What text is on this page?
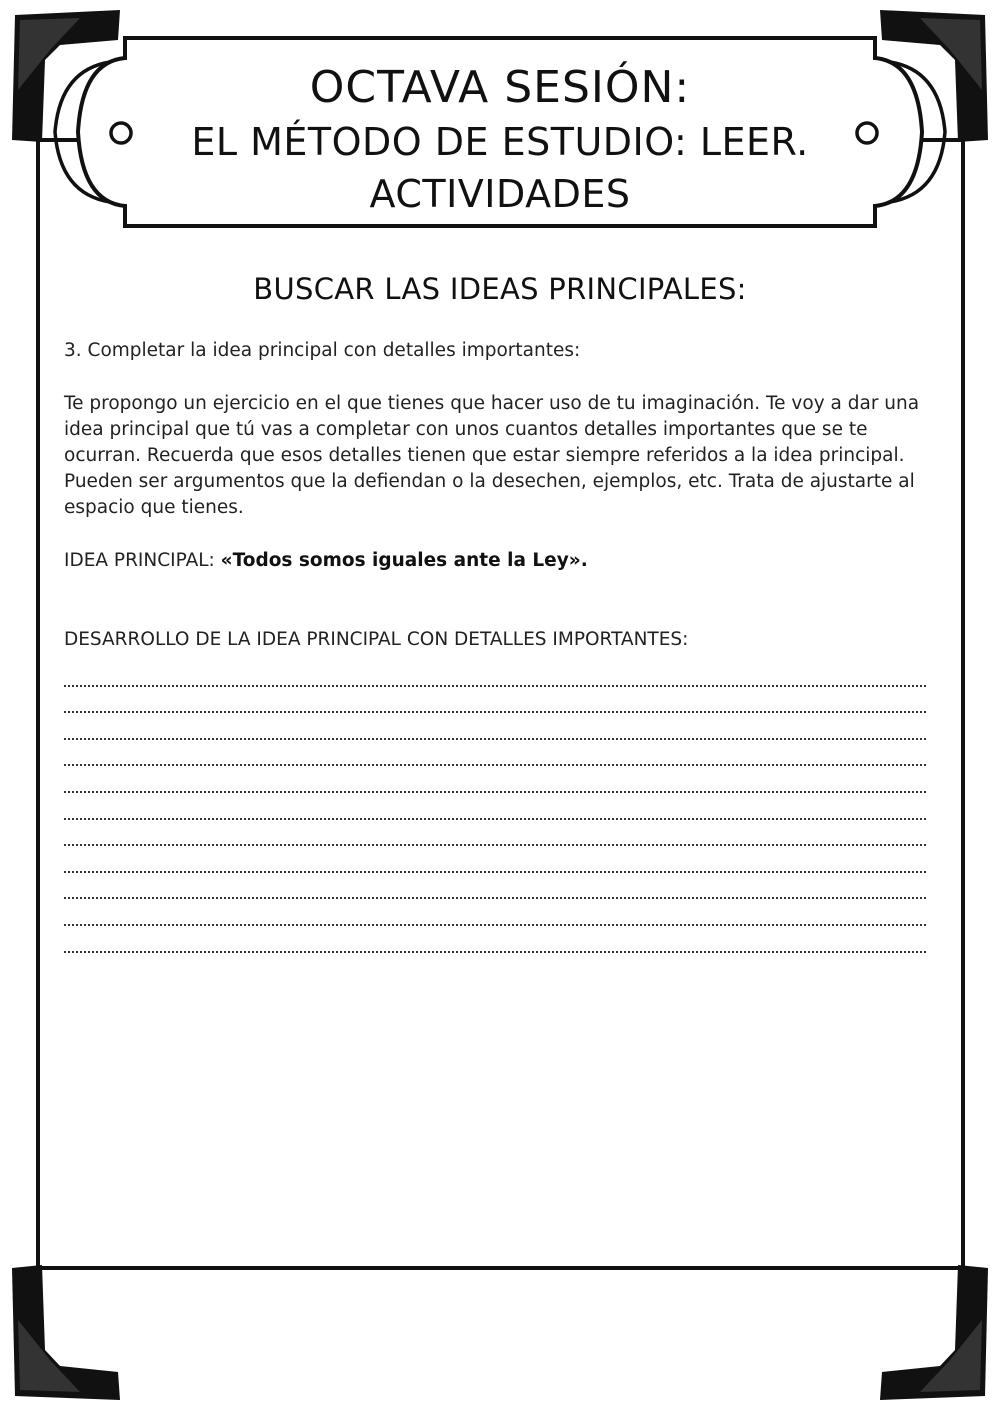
OCTAVA SESIÓN:
EL MÉTODO DE ESTUDIO: LEER.
ACTIVIDADES
BUSCAR LAS IDEAS PRINCIPALES:
3. Completar la idea principal con detalles importantes:
Te propongo un ejercicio en el que tienes que hacer uso de tu imaginación. Te voy a dar una idea principal que tú vas a completar con unos cuantos detalles importantes que se te ocurran. Recuerda que esos detalles tienen que estar siempre referidos a la idea principal. Pueden ser argumentos que la defiendan o la desechen, ejemplos, etc. Trata de ajustarte al espacio que tienes.
IDEA PRINCIPAL: «Todos somos iguales ante la Ley».
DESARROLLO DE LA IDEA PRINCIPAL CON DETALLES IMPORTANTES:
